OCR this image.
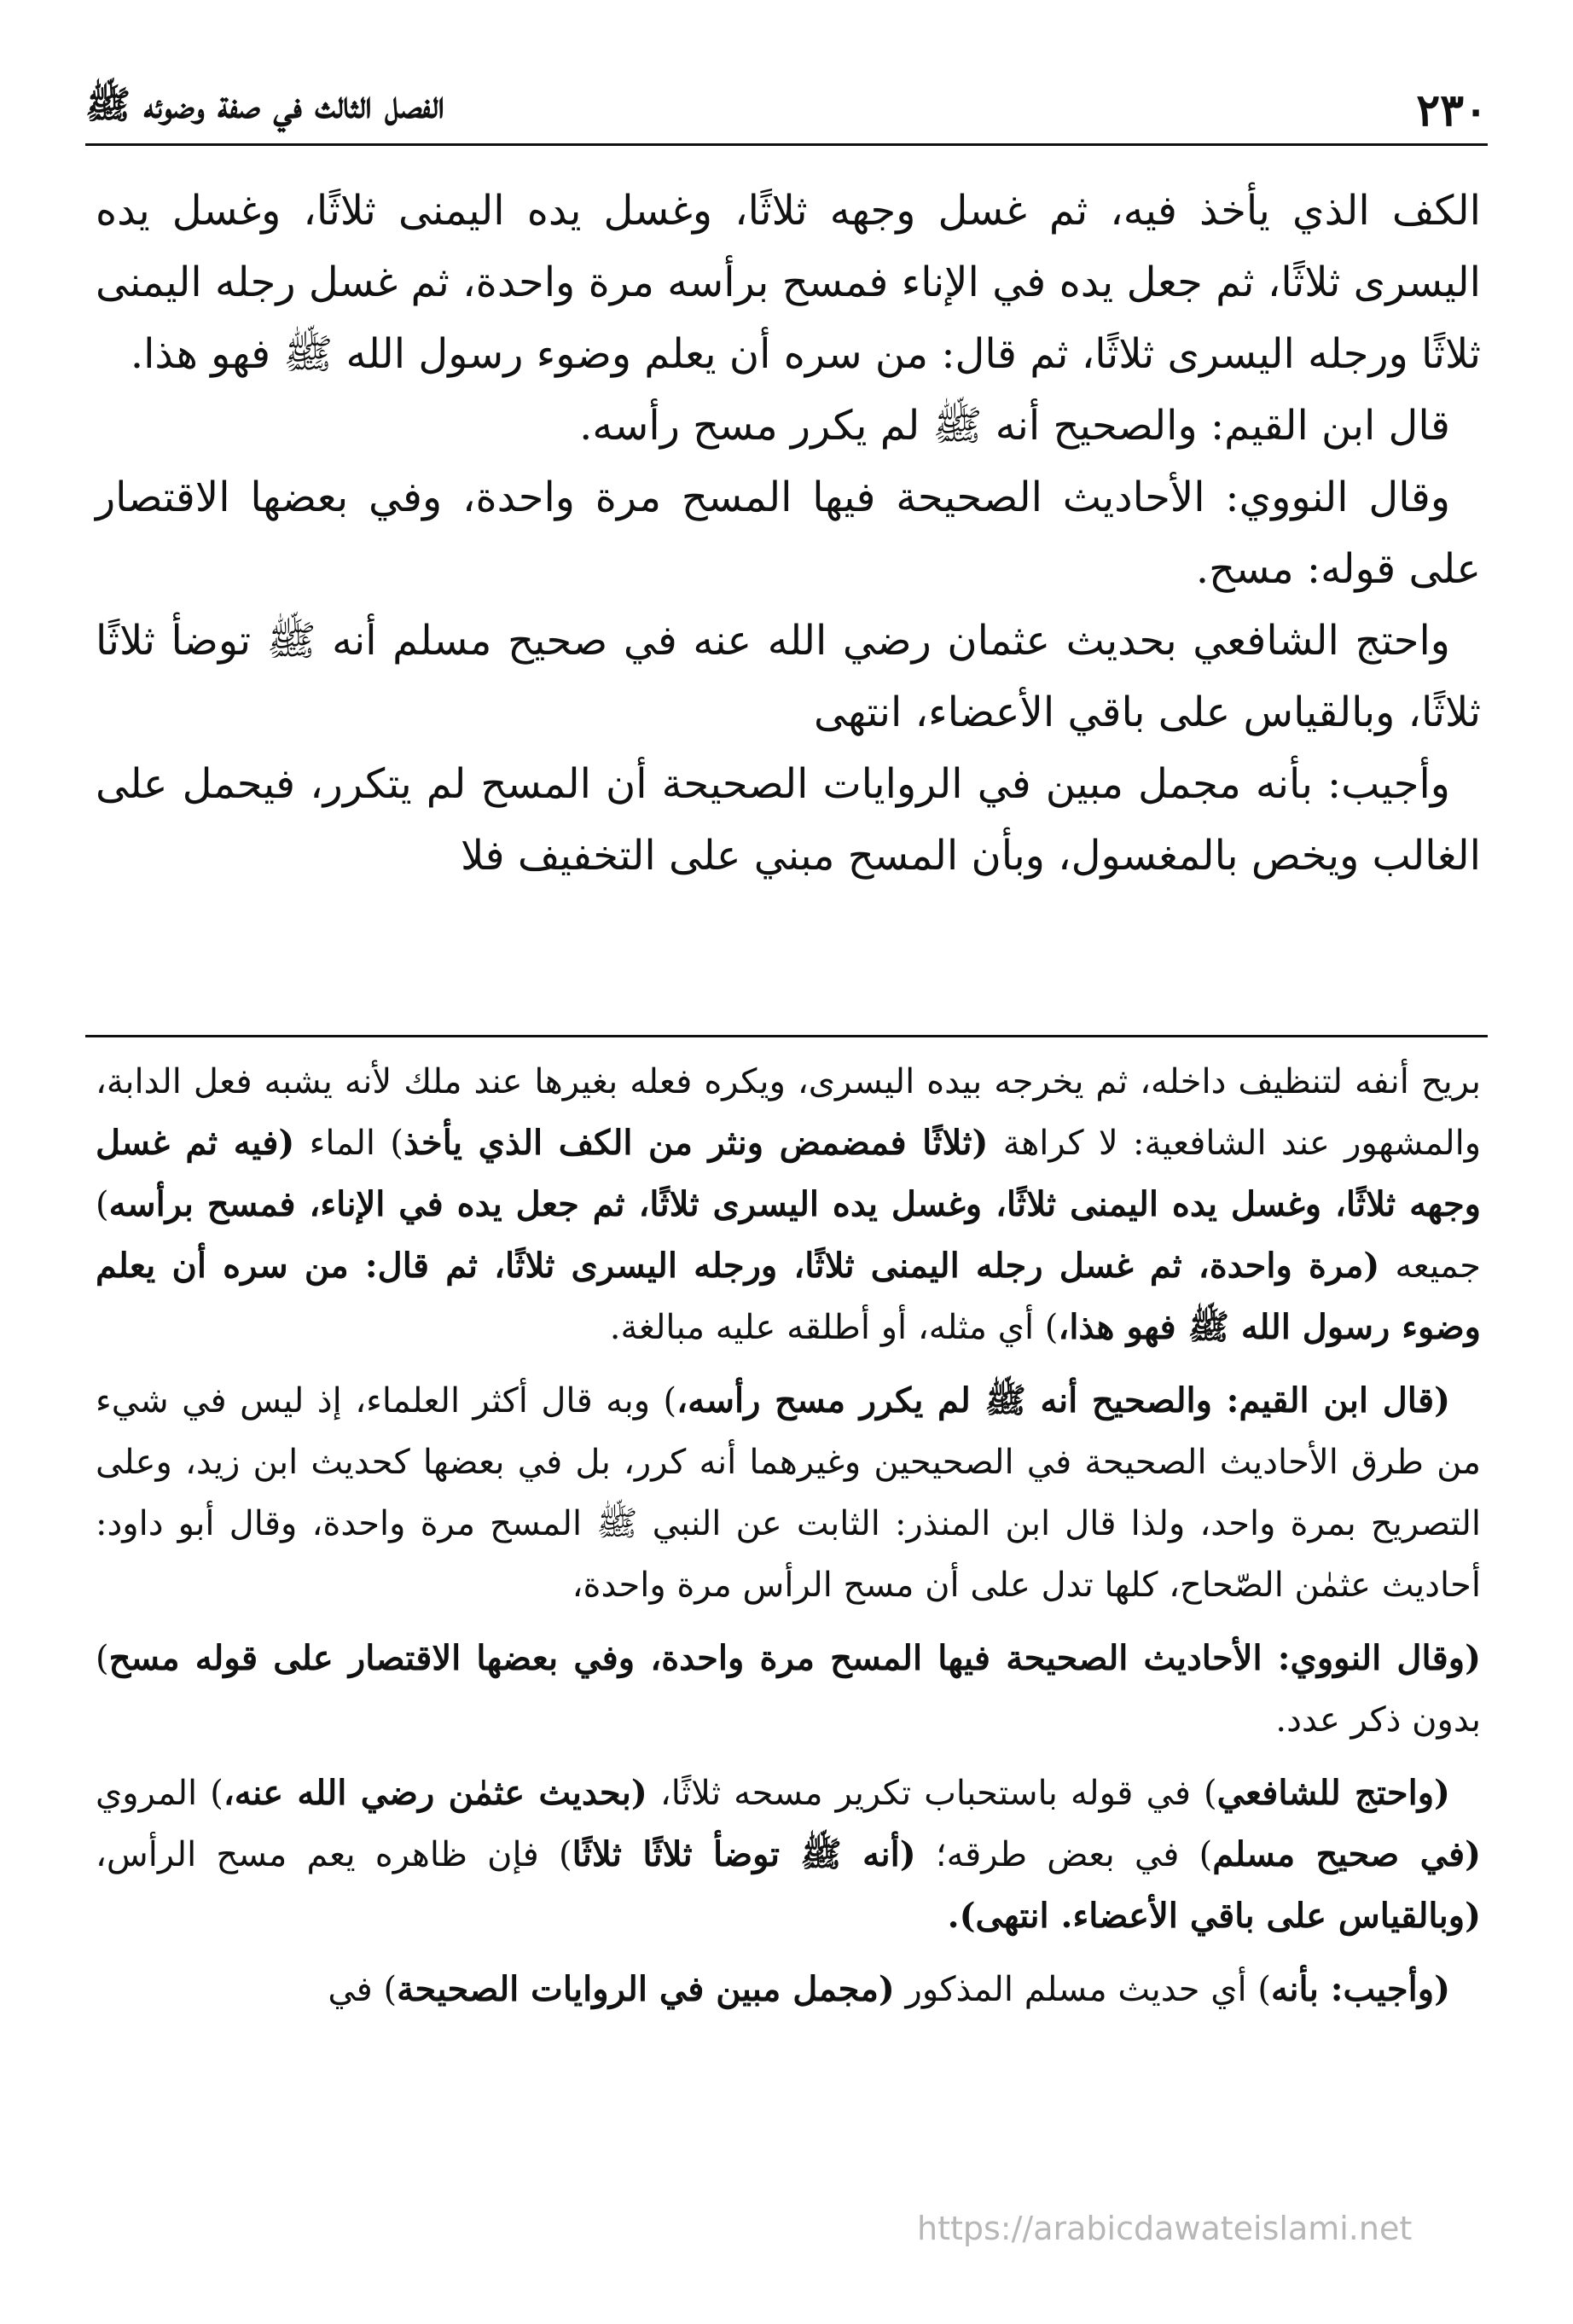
٢٣٠
الفصل الثالث في صفة وضوئه ﷺ

الكف الذي يأخذ فيه، ثم غسل وجهه ثلاثًا، وغسل يده اليمنى ثلاثًا، وغسل يده اليسرى ثلاثًا، ثم جعل يده في الإناء فمسح برأسه مرة واحدة، ثم غسل رجله اليمنى ثلاثًا ورجله اليسرى ثلاثًا، ثم قال: من سره أن يعلم وضوء رسول الله ﷺ فهو هذا.

قال ابن القيم: والصحيح أنه ﷺ لم يكرر مسح رأسه.

وقال النووي: الأحاديث الصحيحة فيها المسح مرة واحدة، وفي بعضها الاقتصار على قوله: مسح.

واحتج الشافعي بحديث عثمان رضي الله عنه في صحيح مسلم أنه ﷺ توضأ ثلاثًا ثلاثًا، وبالقياس على باقي الأعضاء، انتهى

وأجيب: بأنه مجمل مبين في الروايات الصحيحة أن المسح لم يتكرر، فيحمل على الغالب ويخص بالمغسول، وبأن المسح مبني على التخفيف فلا

بريح أنفه لتنظيف داخله، ثم يخرجه بيده اليسرى، ويكره فعله بغيرها عند ملك لأنه يشبه فعل الدابة، والمشهور عند الشافعية: لا كراهة (ثلاثًا فمضمض ونثر من الكف الذي يأخذ) الماء (فيه ثم غسل وجهه ثلاثًا، وغسل يده اليمنى ثلاثًا، وغسل يده اليسرى ثلاثًا، ثم جعل يده في الإناء، فمسح برأسه) جميعه (مرة واحدة، ثم غسل رجله اليمنى ثلاثًا، ورجله اليسرى ثلاثًا، ثم قال: من سره أن يعلم وضوء رسول الله ﷺ فهو هذا،) أي مثله، أو أطلقه عليه مبالغة.

(قال ابن القيم: والصحيح أنه ﷺ لم يكرر مسح رأسه،) وبه قال أكثر العلماء، إذ ليس في شيء من طرق الأحاديث الصحيحة في الصحيحين وغيرهما أنه كرر، بل في بعضها كحديث ابن زيد، وعلى التصريح بمرة واحد، ولذا قال ابن المنذر: الثابت عن النبي ﷺ المسح مرة واحدة، وقال أبو داود: أحاديث عثمٰن الصّحاح، كلها تدل على أن مسح الرأس مرة واحدة،

(وقال النووي: الأحاديث الصحيحة فيها المسح مرة واحدة، وفي بعضها الاقتصار على قوله مسح) بدون ذكر عدد.

(واحتج للشافعي) في قوله باستحباب تكرير مسحه ثلاثًا، (بحديث عثمٰن رضي الله عنه،) المروي (في صحيح مسلم) في بعض طرقه؛ (أنه ﷺ توضأ ثلاثًا ثلاثًا) فإن ظاهره يعم مسح الرأس، (وبالقياس على باقي الأعضاء. انتهى).

(وأجيب: بأنه) أي حديث مسلم المذكور (مجمل مبين في الروايات الصحيحة) في

https://arabicdawateislami.net
